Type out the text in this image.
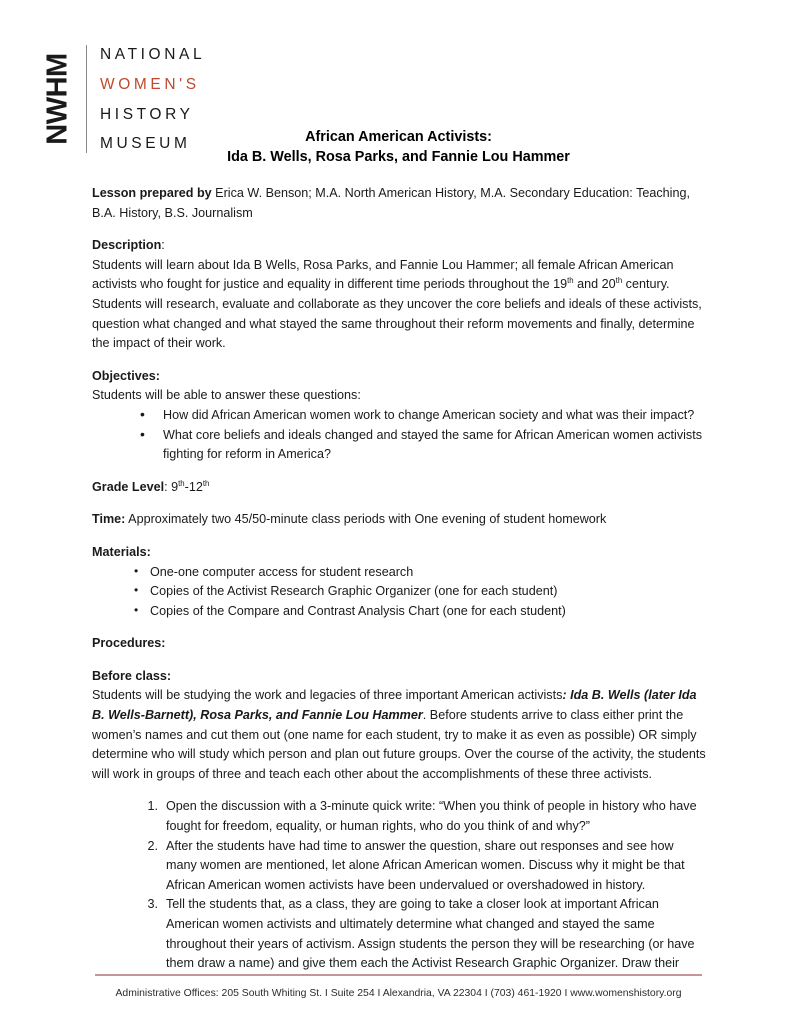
NWHM NATIONAL
WOMEN'S
HISTORY
MUSEUM	African American Activists:
Ida B. Wells, Rosa Parks, and Fannie Lou Hammer

Lesson prepared by Erica W. Benson; M.A. North American History, M.A. Secondary Education: Teaching, B.A. History, B.S. Journalism

Description:
Students will learn about Ida B Wells, Rosa Parks, and Fannie Lou Hammer; all female African American activists who fought for justice and equality in different time periods throughout the 19th and 20th century. Students will research, evaluate and collaborate as they uncover the core beliefs and ideals of these activists, question what changed and what stayed the same throughout their reform movements and finally, determine the impact of their work.

Objectives:
Students will be able to answer these questions:

• How did African American women work to change American society and what was their impact?
• What core beliefs and ideals changed and stayed the same for African American women activists fighting for reform in America?

Grade Level: 9th-12th

Time: Approximately two 45/50-minute class periods with One evening of student homework

Materials:

• One-one computer access for student research
• Copies of the Activist Research Graphic Organizer (one for each student)
• Copies of the Compare and Contrast Analysis Chart (one for each student)

Procedures:

Before class:
Students will be studying the work and legacies of three important American activists: Ida B. Wells (later Ida B. Wells-Barnett), Rosa Parks, and Fannie Lou Hammer. Before students arrive to class either print the women’s names and cut them out (one name for each student, try to make it as even as possible) OR simply determine who will study which person and plan out future groups. Over the course of the activity, the students will work in groups of three and teach each other about the accomplishments of these three activists.

Open the discussion with a 3-minute quick write: “When you think of people in history who have fought for freedom, equality, or human rights, who do you think of and why?”
After the students have had time to answer the question, share out responses and see how many women are mentioned, let alone African American women. Discuss why it might be that African American women activists have been undervalued or overshadowed in history.
Tell the students that, as a class, they are going to take a closer look at important African American women activists and ultimately determine what changed and stayed the same throughout their years of activism. Assign students the person they will be researching (or have them draw a name) and give them each the Activist Research Graphic Organizer. Draw their
Administrative Offices: 205 South Whiting St. I Suite 254 I Alexandria, VA 22304 I (703) 461-1920 I www.womenshistory.org
